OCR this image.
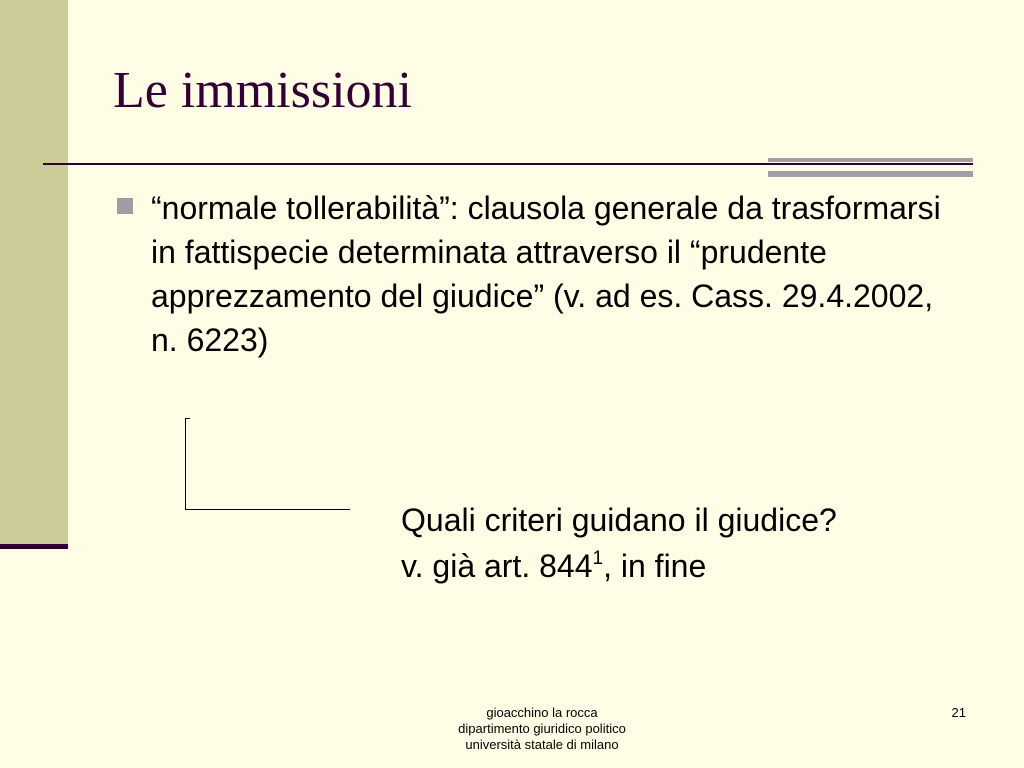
Le immissioni
“normale tollerabilità”: clausola generale da trasformarsi in fattispecie determinata attraverso il “prudente apprezzamento del giudice” (v. ad es. Cass. 29.4.2002, n. 6223)
Quali criteri guidano il giudice?
v. già art. $844^1$, in fine
gioacchino la rocca
dipartimento giuridico politico
università statale di milano
21
